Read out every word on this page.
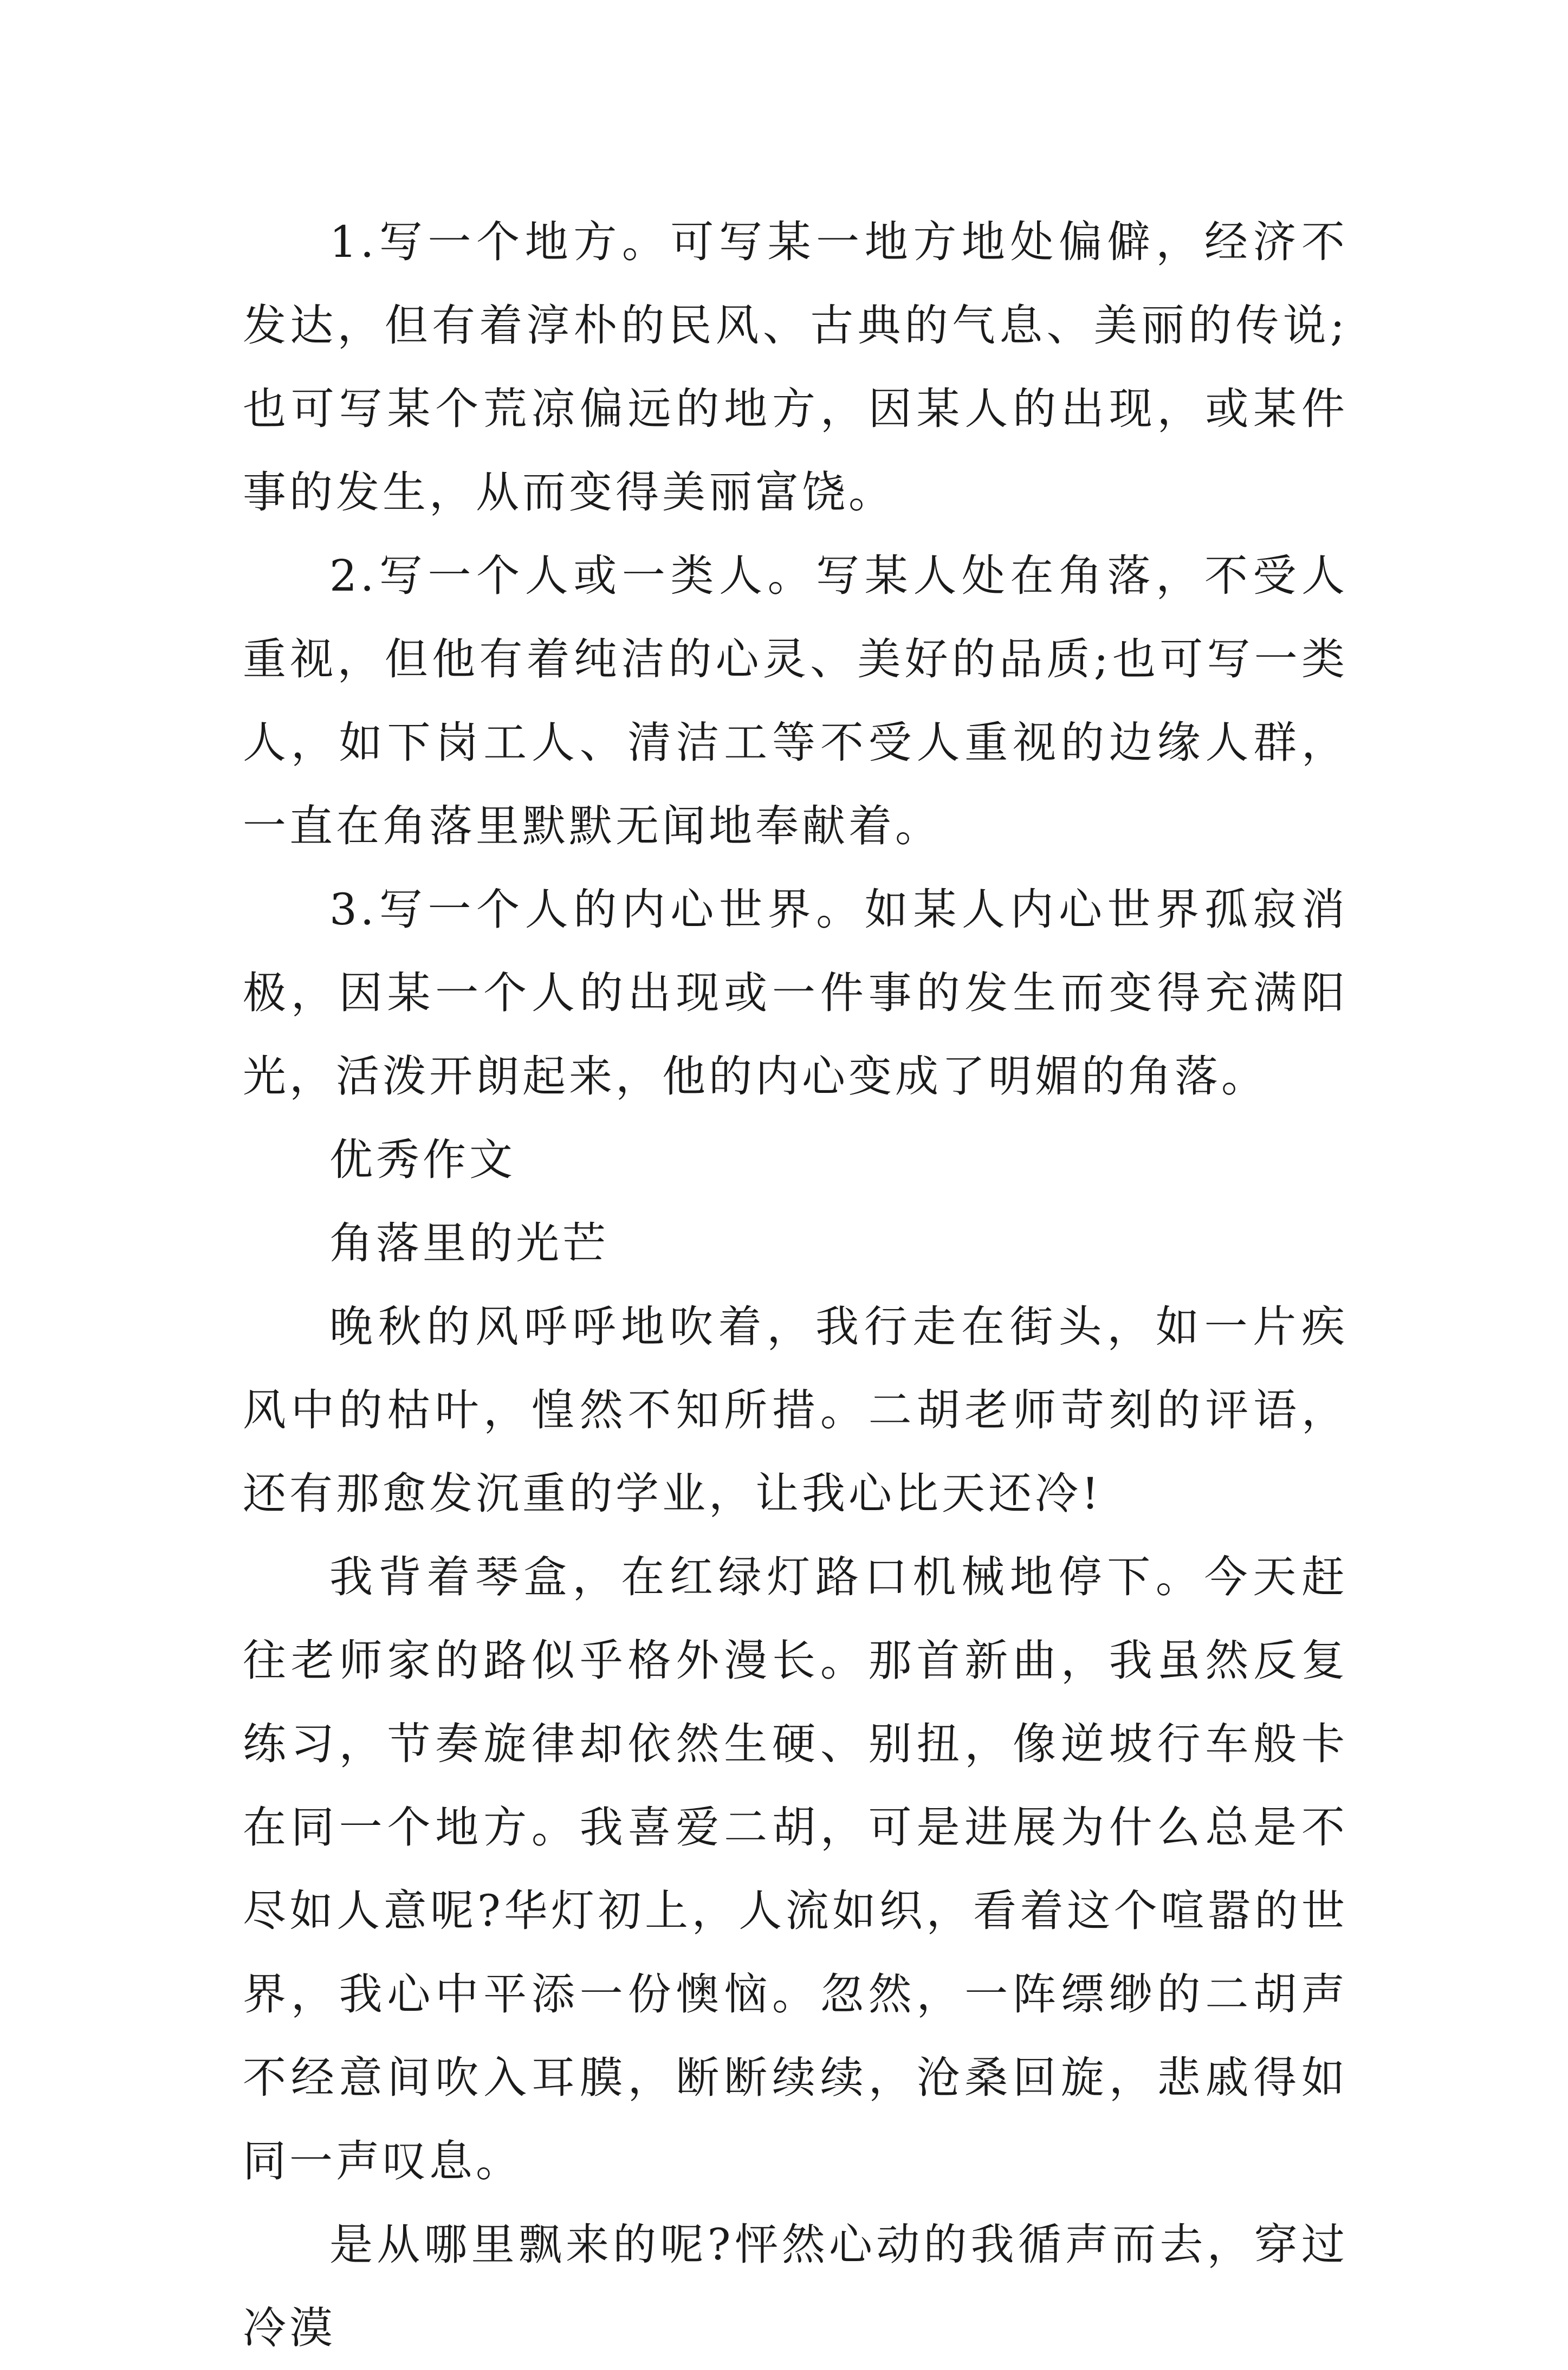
1.写一个地方。可写某一地方地处偏僻，经济不发达，但有着淳朴的民风、古典的气息、美丽的传说;也可写某个荒凉偏远的地方，因某人的出现，或某件事的发生，从而变得美丽富饶。

2.写一个人或一类人。写某人处在角落，不受人重视，但他有着纯洁的心灵、美好的品质;也可写一类人，如下岗工人、清洁工等不受人重视的边缘人群，一直在角落里默默无闻地奉献着。

3.写一个人的内心世界。如某人内心世界孤寂消极，因某一个人的出现或一件事的发生而变得充满阳光，活泼开朗起来，他的内心变成了明媚的角落。

优秀作文

角落里的光芒

晚秋的风呼呼地吹着，我行走在街头，如一片疾风中的枯叶，惶然不知所措。二胡老师苛刻的评语，还有那愈发沉重的学业，让我心比天还冷!

我背着琴盒，在红绿灯路口机械地停下。今天赶往老师家的路似乎格外漫长。那首新曲，我虽然反复练习，节奏旋律却依然生硬、别扭，像逆坡行车般卡在同一个地方。我喜爱二胡，可是进展为什么总是不尽如人意呢?华灯初上，人流如织，看着这个喧嚣的世界，我心中平添一份懊恼。忽然，一阵缥缈的二胡声不经意间吹入耳膜，断断续续，沧桑回旋，悲戚得如同一声叹息。

是从哪里飘来的呢?怦然心动的我循声而去，穿过冷漠
